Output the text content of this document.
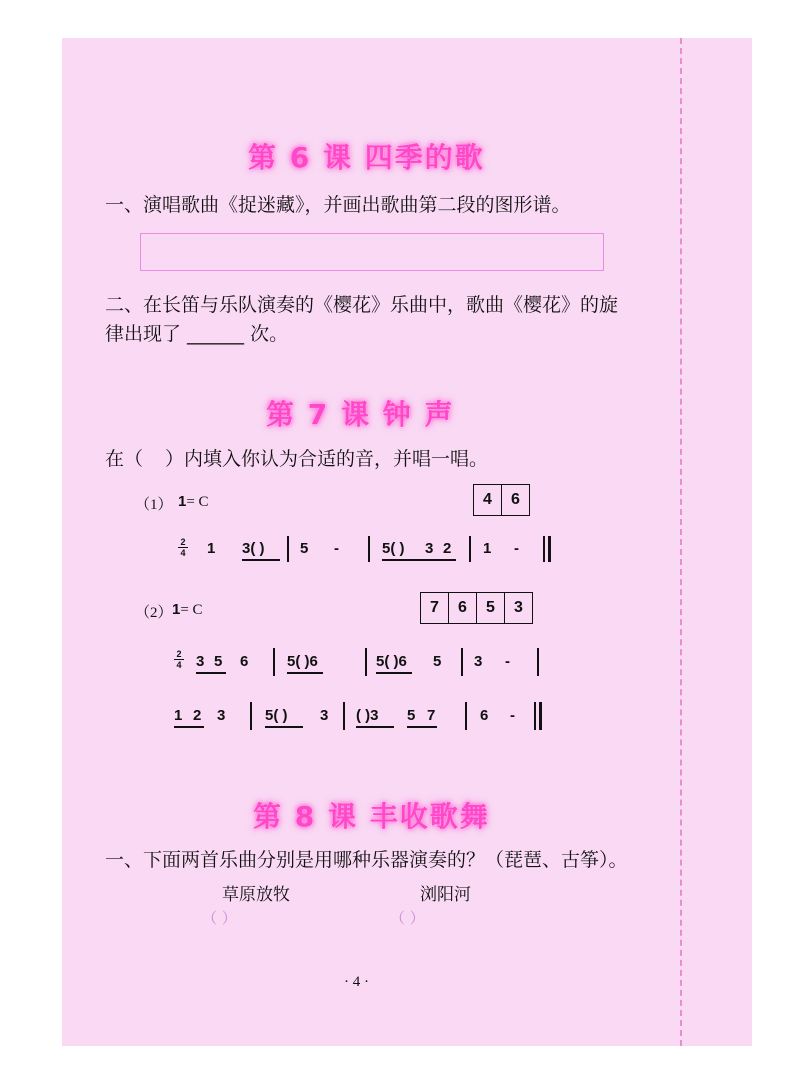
第 6 课 四季的歌
一、演唱歌曲《捉迷藏》，并画出歌曲第二段的图形谱。
二、在长笛与乐队演奏的《樱花》乐曲中，歌曲《樱花》的旋
律出现了 ______ 次。
第 7 课 钟 声
在（ ）内填入你认为合适的音，并唱一唱。
（1） 1= C	4	6
2
4 1 3( ) 5 -	5( ) 3 2 1 -
（2） 1= C	7	6	5	3
2
4 3 5 6	5( )6	5( )6 5 3 -
1 2 3	5( ) 3 ( )3 5 7	6 -
第 8 课 丰收歌舞
一、下面两首乐曲分别是用哪种乐器演奏的？（琵琶、古筝）。
草原放牧	浏阳河
（ ）	（ ）
· 4 ·
